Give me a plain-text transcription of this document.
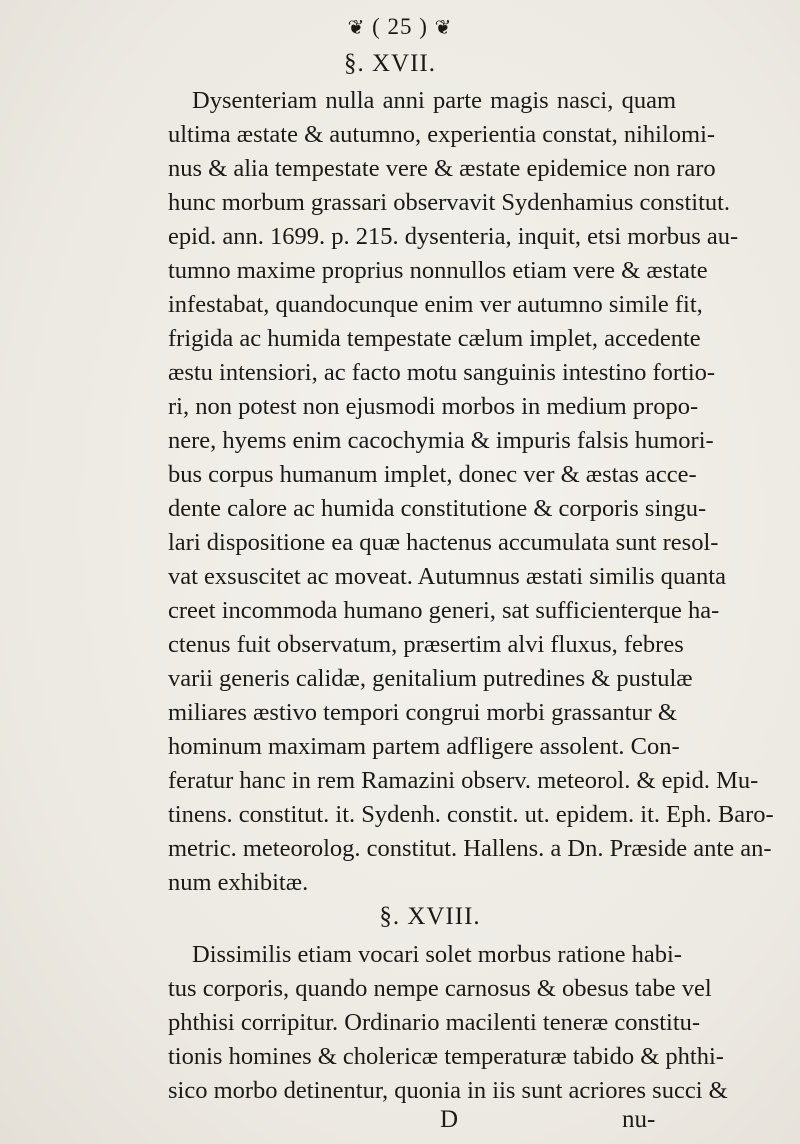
❦ ( 25 ) ❦
§. XVII.
Dysenteriam nulla anni parte magis nasci, quam
ultima æstate & autumno, experientia constat, nihilomi-
nus & alia tempestate vere & æstate epidemice non raro
hunc morbum grassari observavit Sydenhamius constitut.
epid. ann. 1699. p. 215. dysenteria, inquit, etsi morbus au-
tumno maxime proprius nonnullos etiam vere & æstate
infestabat, quandocunque enim ver autumno simile fit,
frigida ac humida tempestate cælum implet, accedente
æstu intensiori, ac facto motu sanguinis intestino fortio-
ri, non potest non ejusmodi morbos in medium propo-
nere, hyems enim cacochymia & impuris falsis humori-
bus corpus humanum implet, donec ver & æstas acce-
dente calore ac humida constitutione & corporis singu-
lari dispositione ea quæ hactenus accumulata sunt resol-
vat exsuscitet ac moveat. Autumnus æstati similis quanta
creet incommoda humano generi, sat sufficienterque ha-
ctenus fuit observatum, præsertim alvi fluxus, febres
varii generis calidæ, genitalium putredines & pustulæ
miliares æstivo tempori congrui morbi grassantur &
hominum maximam partem adfligere assolent. Con-
feratur hanc in rem Ramazini observ. meteorol. & epid. Mu-
tinens. constitut. it. Sydenh. constit. ut. epidem. it. Eph. Baro-
metric. meteorolog. constitut. Hallens. a Dn. Præside ante an-
num exhibitæ.
§. XVIII.
Dissimilis etiam vocari solet morbus ratione habi-
tus corporis, quando nempe carnosus & obesus tabe vel
phthisi corripitur. Ordinario macilenti teneræ constitu-
tionis homines & cholericæ temperaturæ tabido & phthi-
sico morbo detinentur, quonia in iis sunt acriores succi &
D	nu-
